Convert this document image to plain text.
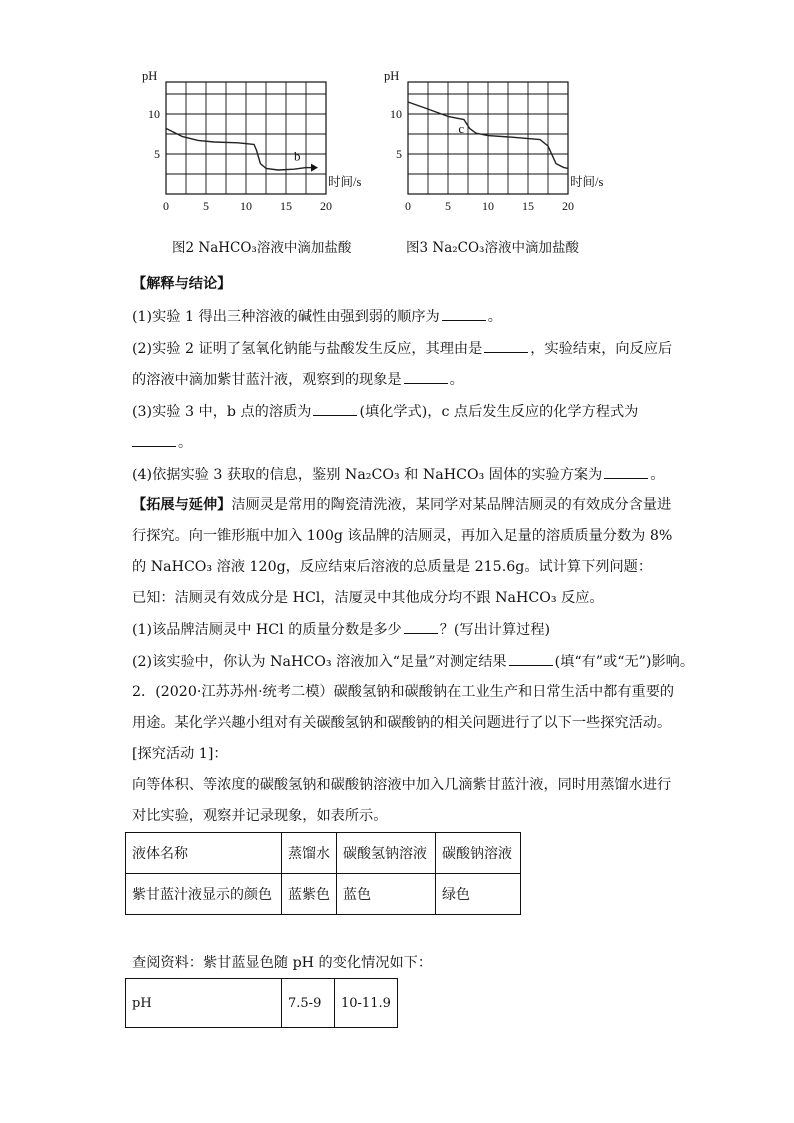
5
10
0	5	10 15 20
pH
时间/s
b
图2 NaHCO₃溶液中滴加盐酸
5
10
0	5	10 15 20
pH
时间/s
c
图3 Na₂CO₃溶液中滴加盐酸
【解释与结论】
(1)实验 1 得出三种溶液的碱性由强到弱的顺序为	。
(2)实验 2 证明了氢氧化钠能与盐酸发生反应，其理由是	，实验结束，向反应后
的溶液中滴加紫甘蓝汁液，观察到的现象是	。
(3)实验 3 中，b 点的溶质为	(填化学式)，c 点后发生反应的化学方程式为
。
(4)依据实验 3 获取的信息，鉴别 Na₂CO₃ 和 NaHCO₃ 固体的实验方案为	。
【拓展与延伸】洁厕灵是常用的陶瓷清洗液，某同学对某品牌洁厕灵的有效成分含量进
行探究。向一锥形瓶中加入 100g 该品牌的洁厕灵，再加入足量的溶质质量分数为 8%
的 NaHCO₃ 溶液 120g，反应结束后溶液的总质量是 215.6g。试计算下列问题：
已知：洁厕灵有效成分是 HCl，洁厦灵中其他成分均不跟 NaHCO₃ 反应。
(1)该品牌洁厕灵中 HCl 的质量分数是多少	？(写出计算过程)
(2)该实验中，你认为 NaHCO₃ 溶液加入“足量”对测定结果	(填“有”或“无”)影响。
2．(2020·江苏苏州·统考二模）碳酸氢钠和碳酸钠在工业生产和日常生活中都有重要的
用途。某化学兴趣小组对有关碳酸氢钠和碳酸钠的相关问题进行了以下一些探究活动。
[探究活动 1]：
向等体积、等浓度的碳酸氢钠和碳酸钠溶液中加入几滴紫甘蓝汁液，同时用蒸馏水进行
对比实验，观察并记录现象，如表所示。
液体名称	蒸馏水	碳酸氢钠溶液	碳酸钠溶液
紫甘蓝汁液显示的颜色	蓝紫色	蓝色	绿色
查阅资料：紫甘蓝显色随 pH 的变化情况如下：
pH	7.5-9	10-11.9
